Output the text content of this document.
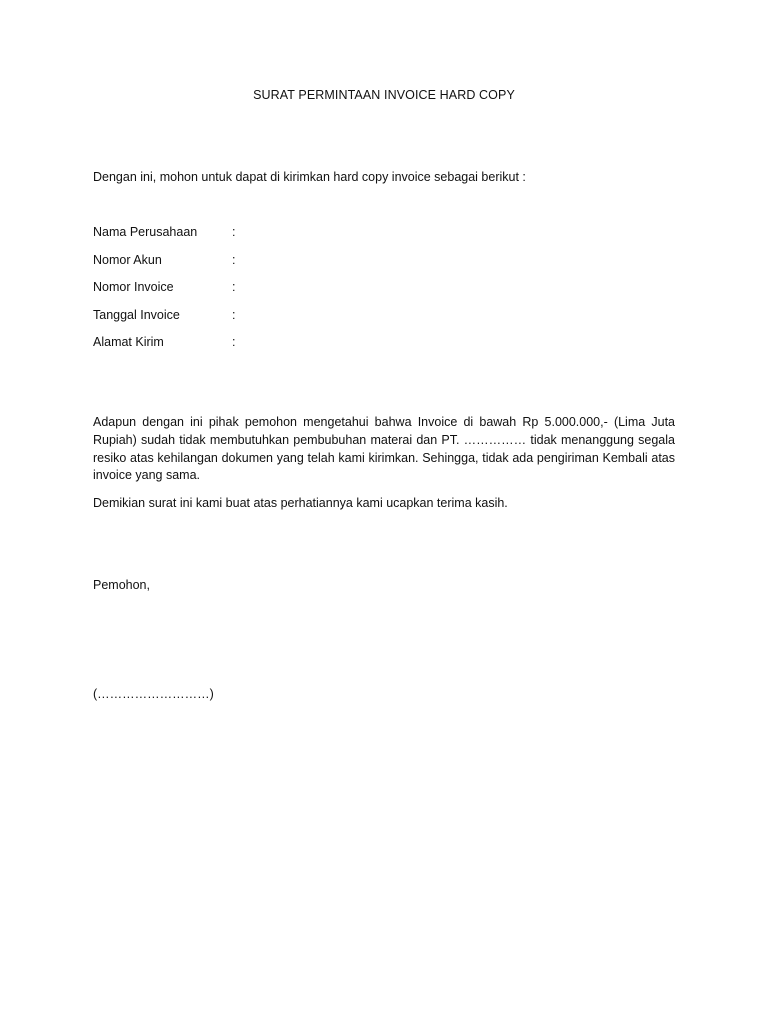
SURAT PERMINTAAN INVOICE HARD COPY
Dengan ini, mohon untuk dapat di kirimkan hard copy invoice sebagai berikut :
Nama Perusahaan	:
Nomor Akun	:
Nomor Invoice	:
Tanggal Invoice	:
Alamat Kirim	:
Adapun dengan ini pihak pemohon mengetahui bahwa Invoice di bawah Rp 5.000.000,- (Lima Juta Rupiah) sudah tidak membutuhkan pembubuhan materai dan PT. …………… tidak menanggung segala resiko atas kehilangan dokumen yang telah kami kirimkan. Sehingga, tidak ada pengiriman Kembali atas invoice yang sama.
Demikian surat ini kami buat atas perhatiannya kami ucapkan terima kasih.
Pemohon,
(………………………)
